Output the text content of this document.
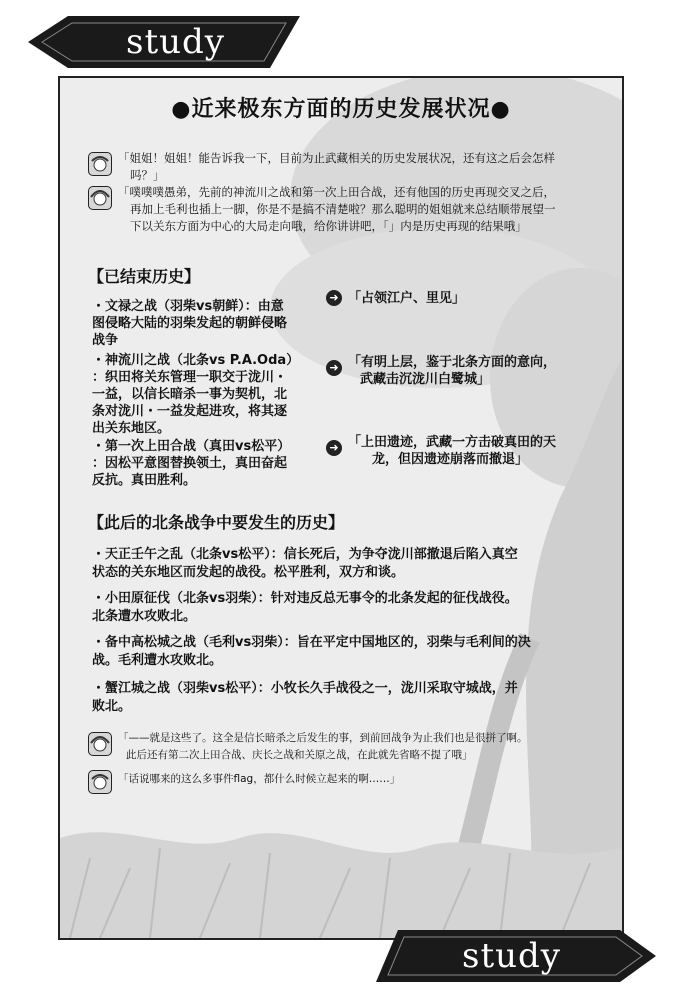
study
●近来极东方面的历史发展状况●
「姐姐！姐姐！能告诉我一下，目前为止武藏相关的历史发展状况，还有这之后会怎样
吗？」
「噗噗噗愚弟，先前的神流川之战和第一次上田合战，还有他国的历史再现交叉之后，
再加上毛利也插上一脚，你是不是搞不清楚啦？那么聪明的姐姐就来总结顺带展望一
下以关东方面为中心的大局走向哦，给你讲讲吧，「」内是历史再现的结果哦」
【已结束历史】
・文禄之战（羽柴vs朝鲜）：由意
图侵略大陆的羽柴发起的朝鲜侵略
战争
➜ 「占领江户、里见」
・神流川之战（北条vs P.A.Oda）
：织田将关东管理一职交于泷川・
一益，以信长暗杀一事为契机，北
条对泷川・一益发起进攻，将其逐
出关东地区。
➜ 「有明上层，鉴于北条方面的意向，
武藏击沉泷川白鹭城」
・第一次上田合战（真田vs松平）
：因松平意图替换领土，真田奋起
反抗。真田胜利。
➜ 「上田遗迹，武藏一方击破真田的天
龙，但因遗迹崩落而撤退」
【此后的北条战争中要发生的历史】
・天正壬午之乱（北条vs松平）：信长死后，为争夺泷川部撤退后陷入真空
状态的关东地区而发起的战役。松平胜利，双方和谈。
・小田原征伐（北条vs羽柴）：针对违反总无事令的北条发起的征伐战役。
北条遭水攻败北。
・备中高松城之战（毛利vs羽柴）：旨在平定中国地区的，羽柴与毛利间的决
战。毛利遭水攻败北。
・蟹江城之战（羽柴vs松平）：小牧长久手战役之一，泷川采取守城战，并
败北。
「——就是这些了。这全是信长暗杀之后发生的事，到前回战争为止我们也是很拼了啊。
此后还有第二次上田合战、庆长之战和关原之战，在此就先省略不提了哦」
「话说哪来的这么多事件flag，都什么时候立起来的啊……」
study
